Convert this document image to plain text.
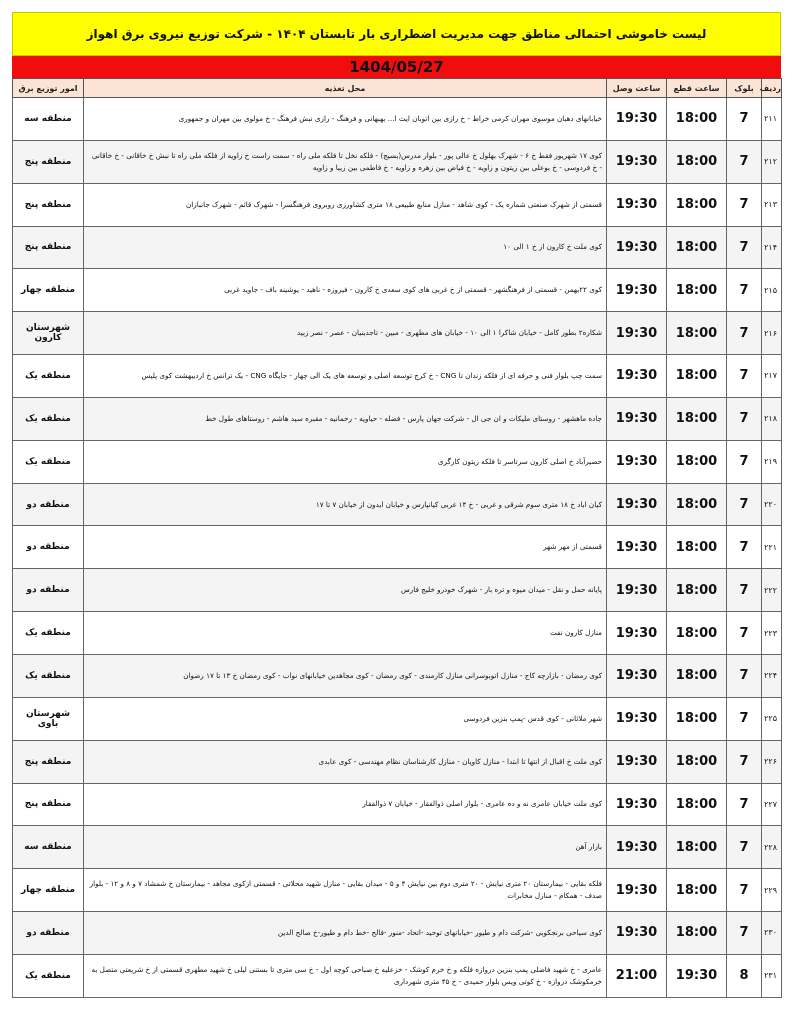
لیست خاموشی احتمالی مناطق جهت مدیریت اضطراری بار تابستان ۱۴۰۴ - شرکت توزیع نیروی برق اهواز
1404/05/27
ردیف	بلوک	ساعت قطع	ساعت وصل	محل تغذیه	امور توزیع برق
۲۱۱	7	18:00	19:30	خیابانهای دهبان موسوی مهران کرمی خراط - خ رازی بین اتوبان ایت ا... بهبهانی و فرهنگ - رازی نبش فرهنگ - خ مولوی بین مهران و جمهوری	منطقه سه
۲۱۲	7	18:00	19:30	کوی ۱۷ شهریور فقط خ ۶ - شهرک بهلول خ عالی پور - بلوار مدرس(بسیج) - فلکه نخل تا فلکه ملی راه - سمت راست خ زاویه از فلکه ملی راه تا نبش خ خاقانی - خ خاقانی - خ فردوسی - خ بوعلی بین زیتون و زاویه - خ فیاض بین زهره و زاویه - خ فاطمی بین زیبا و زاویه	منطقه پنج
۲۱۳	7	18:00	19:30	قسمتی از شهرک صنعتی شماره یک - کوی شاهد - منازل منابع طبیعی ۱۸ متری کشاورزی روبروی فرهنگسرا - شهرک قائم - شهرک جانبازان	منطقه پنج
۲۱۴	7	18:00	19:30	کوی ملت خ کارون از خ ۱ الی ۱۰	منطقه پنج
۲۱۵	7	18:00	19:30	کوی ۲۲بهمن - قسمتی از فرهنگشهر - قسمتی از خ غربی های کوی سعدی خ کارون - فیروزه - ناهید - یوشینه باف - جاوید غربی	منطقه چهار
۲۱۶	7	18:00	19:30	شکاره۲ بطور کامل - خیابان شاکرا ۱ الی ۱۰ - خیابان های مطهری - مبین - تاجدینیان - عصر - نصر زبید	شهرستان کارون
۲۱۷	7	18:00	19:30	سمت چپ بلوار فنی و حرفه ای از فلکه زندان تا CNG - خ کرج توسعه اصلی و توسعه های یک الی چهار - جایگاه CNG - یک ترانس خ اردیبهشت کوی پلیس	منطقه یک
۲۱۸	7	18:00	19:30	جاده ماهشهر - روستای ملیکات و ان جی ال - شرکت جهان پارس - فضله - حیاویه - رحمانیه - مقبره سید هاشم - روستاهای طول خط	منطقه یک
۲۱۹	7	18:00	19:30	حصیرآباد خ اصلی کارون سرتاسر تا فلکه زیتون کارگری	منطقه یک
۲۲۰	7	18:00	19:30	کیان اباد خ ۱۸ متری سوم شرقی و غربی - خ ۱۴ غربی کیانپارس و خیابان ایدون از خیابان ۷ تا ۱۷	منطقه دو
۲۲۱	7	18:00	19:30	قسمتی از مهر شهر	منطقه دو
۲۲۲	7	18:00	19:30	پایانه حمل و نقل - میدان میوه و تره بار - شهرک خودرو خلیج فارس	منطقه دو
۲۲۳	7	18:00	19:30	منازل کارون نفت	منطقه یک
۲۲۴	7	18:00	19:30	کوی رمضان - بازارچه کاج - منازل اتوبوسرانی منازل کارمندی - کوی رمضان - کوی مجاهدین خیابانهای نواب - کوی رمضان خ ۱۳ تا ۱۷ رضوان	منطقه یک
۲۲۵	7	18:00	19:30	شهر ملاثانی - کوی قدس -پمپ بنزین فردوسی	شهرستان باوی
۲۲۶	7	18:00	19:30	کوی ملت خ اقبال از انتها تا ابتدا - منازل کاویان - منازل کارشناسان نظام مهندسی - کوی عابدی	منطقه پنج
۲۲۷	7	18:00	19:30	کوی ملت خیابان عامری نه و ده عامری - بلوار اصلی ذوالفقار - خیابان ۷ ذوالفقار	منطقه پنج
۲۲۸	7	18:00	19:30	بازار آهن	منطقه سه
۲۲۹	7	18:00	19:30	فلکه بقایی - بیمارستان ۲۰ متری نیایش - ۲۰ متری دوم بین نیایش ۴ و ۵ - میدان بقایی - منازل شهید محلاتی - قسمتی ازکوی مجاهد - بیمارستان خ شمشاد ۷ و ۸ و ۱۲ - بلوار صدف - همکام - منازل مخابرات	منطقه چهار
۲۳۰	7	18:00	19:30	کوی سیاحی برنجکوبی -شرکت دام و طیور -خیابانهای توحید -اتحاد -منور -فالح -خط دام و طیور-خ صالح الدین	منطقه دو
۲۳۱	8	19:30	21:00	عامری - خ شهید فاضلی پمپ بنزین دروازه فلکه و خ خرم کوشک - خزعلیه خ صباحی کوچه اول - خ سی متری تا بستنی لیلی خ شهید مطهری قسمتی از خ شریعتی متصل به خرمکوشک دروازه - خ کوتی ویس بلوار حمیدی - خ ۴۵ متری شهرداری	منطقه یک
